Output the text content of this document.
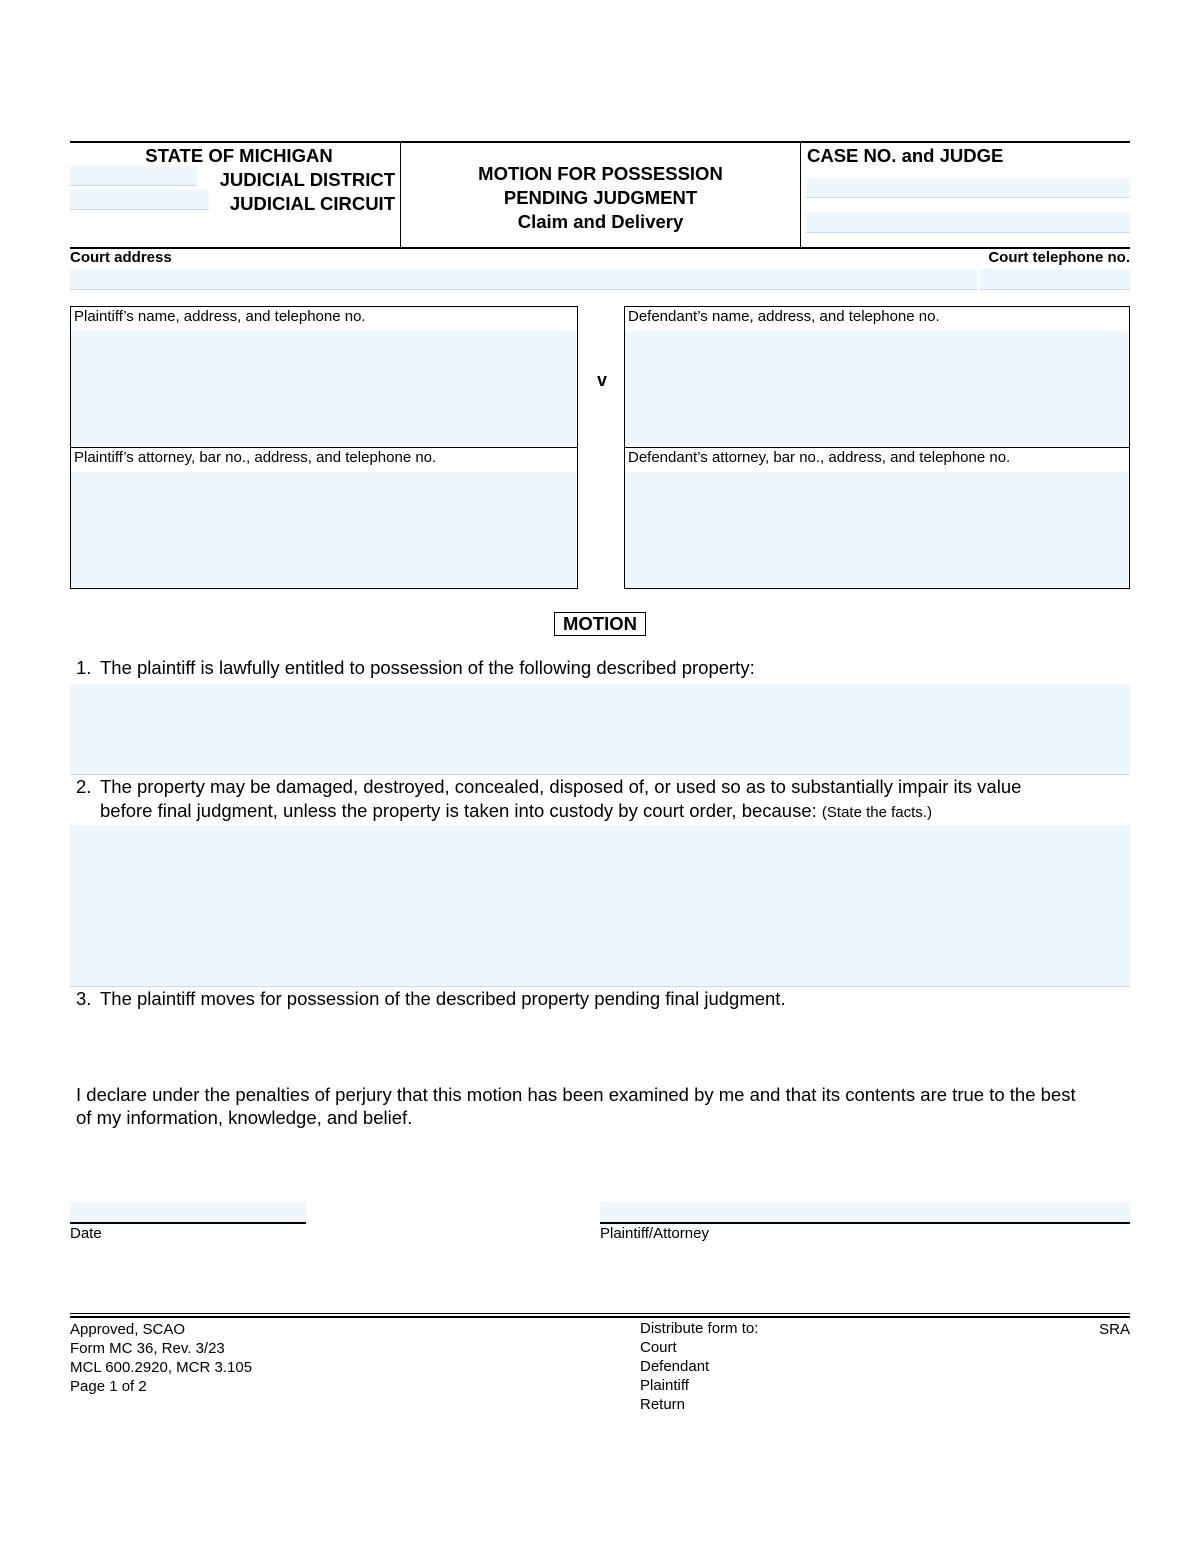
STATE OF MICHIGAN
JUDICIAL DISTRICT
JUDICIAL CIRCUIT
MOTION FOR POSSESSION
PENDING JUDGMENT
Claim and Delivery
CASE NO. and JUDGE
Court address	Court telephone no.
Plaintiff’s name, address, and telephone no.
Plaintiff’s attorney, bar no., address, and telephone no.
v
Defendant’s name, address, and telephone no.
Defendant’s attorney, bar no., address, and telephone no.
MOTION
1. The plaintiff is lawfully entitled to possession of the following described property:
2. The property may be damaged, destroyed, concealed, disposed of, or used so as to substantially impair its value
before final judgment, unless the property is taken into custody by court order, because: (State the facts.)
3. The plaintiff moves for possession of the described property pending final judgment.
I declare under the penalties of perjury that this motion has been examined by me and that its contents are true to the best
of my information, knowledge, and belief.
Date	Plaintiff/Attorney
Approved, SCAO
Form MC 36, Rev. 3/23
MCL 600.2920, MCR 3.105
Page 1 of 2
Distribute form to:
Court
Defendant
Plaintiff
Return
SRA
